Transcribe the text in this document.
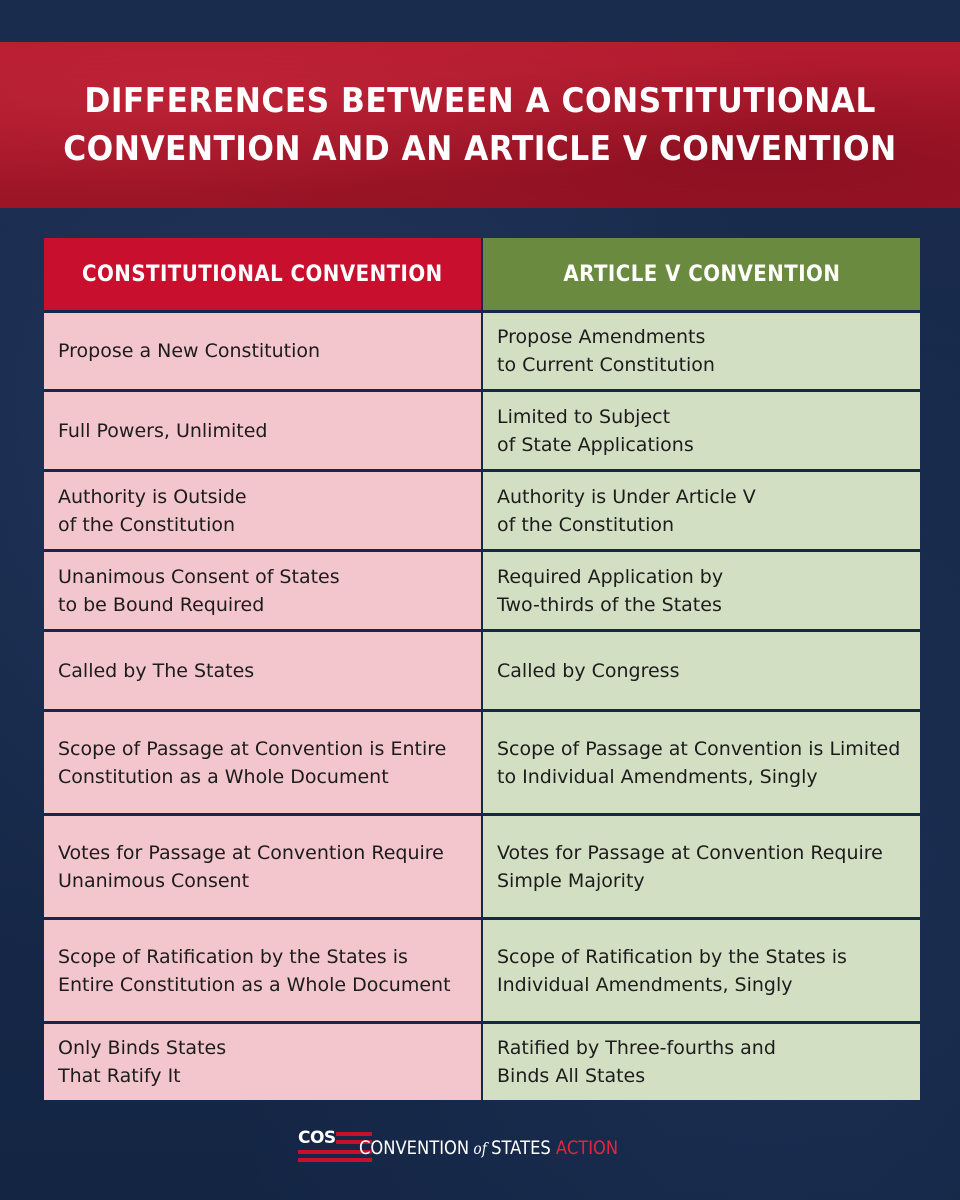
DIFFERENCES BETWEEN A CONSTITUTIONAL
CONVENTION AND AN ARTICLE V CONVENTION
CONSTITUTIONAL CONVENTION	ARTICLE V CONVENTION
Propose a New Constitution
Propose Amendments
to Current Constitution
Full Powers, Unlimited
Limited to Subject
of State Applications
Authority is Outside
of the Constitution
Authority is Under Article V
of the Constitution
Unanimous Consent of States
to be Bound Required
Required Application by
Two-thirds of the States
Called by The States	Called by Congress
Scope of Passage at Convention is Entire
Constitution as a Whole Document
Scope of Passage at Convention is Limited
to Individual Amendments, Singly
Votes for Passage at Convention Require
Unanimous Consent
Votes for Passage at Convention Require
Simple Majority
Scope of Ratification by the States is
Entire Constitution as a Whole Document
Scope of Ratification by the States is
Individual Amendments, Singly
Only Binds States
That Ratify It
Ratified by Three-fourths and
Binds All States
COS CONVENTION of STATES ACTION
